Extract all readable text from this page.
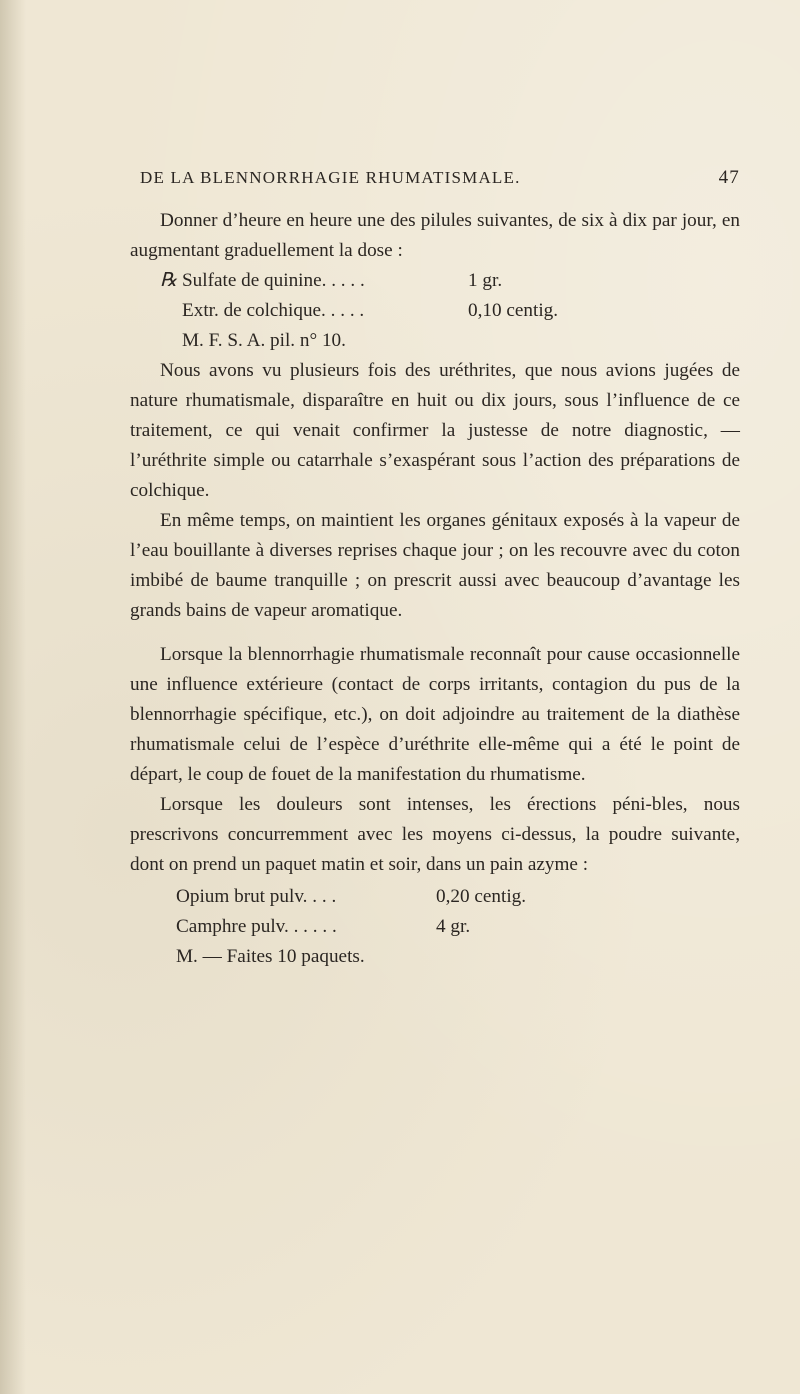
DE LA BLENNORRHAGIE RHUMATISMALE.	47

Donner d’heure en heure une des pilules suivantes, de six à dix par jour, en augmentant graduellement la dose :

℞ Sulfate de quinine. . . . .	1 gr.
Extr. de colchique. . . . .	0,10 centig.
M. F. S. A. pil. n° 10.

Nous avons vu plusieurs fois des uréthrites, que nous avions jugées de nature rhumatismale, disparaître en huit ou dix jours, sous l’influence de ce traitement, ce qui venait confirmer la justesse de notre diagnostic, — l’uréthrite simple ou catarrhale s’exaspérant sous l’action des préparations de colchique.

En même temps, on maintient les organes génitaux exposés à la vapeur de l’eau bouillante à diverses reprises chaque jour ; on les recouvre avec du coton imbibé de baume tranquille ; on prescrit aussi avec beaucoup d’avantage les grands bains de vapeur aromatique.

Lorsque la blennorrhagie rhumatismale reconnaît pour cause occasionnelle une influence extérieure (contact de corps irritants, contagion du pus de la blennorrhagie spécifique, etc.), on doit adjoindre au traitement de la diathèse rhumatismale celui de l’espèce d’uréthrite elle-même qui a été le point de départ, le coup de fouet de la manifestation du rhumatisme.

Lorsque les douleurs sont intenses, les érections péni-bles, nous prescrivons concurremment avec les moyens ci-dessus, la poudre suivante, dont on prend un paquet matin et soir, dans un pain azyme :

Opium brut pulv. . . .	0,20 centig.
Camphre pulv. . . . . .	4 gr.
M. — Faites 10 paquets.
